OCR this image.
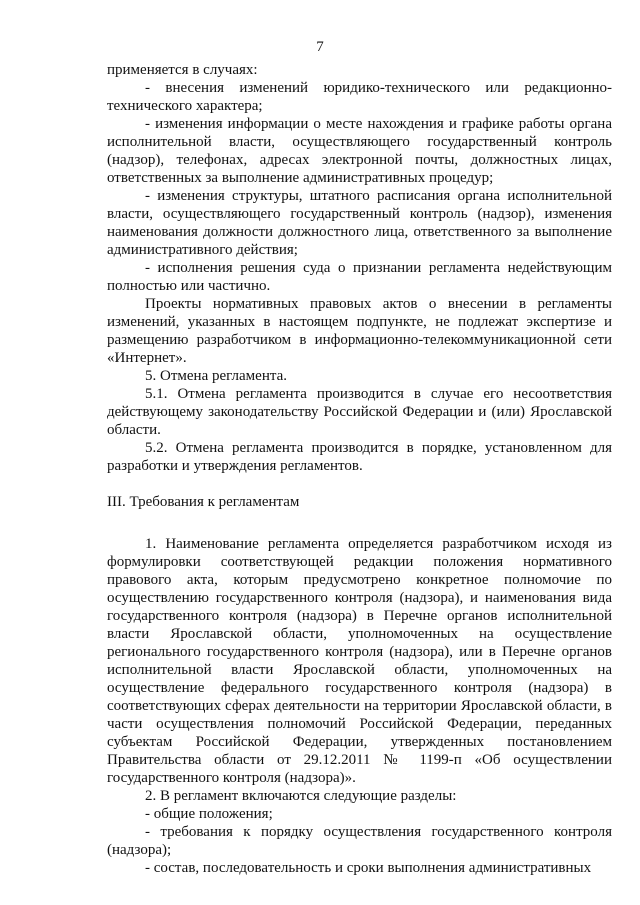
7

применяется в случаях:

- внесения изменений юридико-технического или редакционно-технического характера;

- изменения информации о месте нахождения и графике работы органа исполнительной власти, осуществляющего государственный контроль (надзор), телефонах, адресах электронной почты, должностных лицах, ответственных за выполнение административных процедур;

- изменения структуры, штатного расписания органа исполнительной власти, осуществляющего государственный контроль (надзор), изменения наименования должности должностного лица, ответственного за выполнение административного действия;

- исполнения решения суда о признании регламента недействующим полностью или частично.

Проекты нормативных правовых актов о внесении в регламенты изменений, указанных в настоящем подпункте, не подлежат экспертизе и размещению разработчиком в информационно-телекоммуникационной сети «Интернет».

5. Отмена регламента.

5.1. Отмена регламента производится в случае его несоответствия действующему законодательству Российской Федерации и (или) Ярославской области.

5.2. Отмена регламента производится в порядке, установленном для разработки и утверждения регламентов.

III. Требования к регламентам

1. Наименование регламента определяется разработчиком исходя из формулировки соответствующей редакции положения нормативного правового акта, которым предусмотрено конкретное полномочие по осуществлению государственного контроля (надзора), и наименования вида государственного контроля (надзора) в Перечне органов исполнительной власти Ярославской области, уполномоченных на осуществление регионального государственного контроля (надзора), или в Перечне органов исполнительной власти Ярославской области, уполномоченных на осуществление федерального государственного контроля (надзора) в соответствующих сферах деятельности на территории Ярославской области, в части осуществления полномочий Российской Федерации, переданных субъектам Российской Федерации, утвержденных постановлением Правительства области от 29.12.2011 № 1199-п «Об осуществлении государственного контроля (надзора)».

2. В регламент включаются следующие разделы:

- общие положения;

- требования к порядку осуществления государственного контроля (надзора);

- состав, последовательность и сроки выполнения административных
